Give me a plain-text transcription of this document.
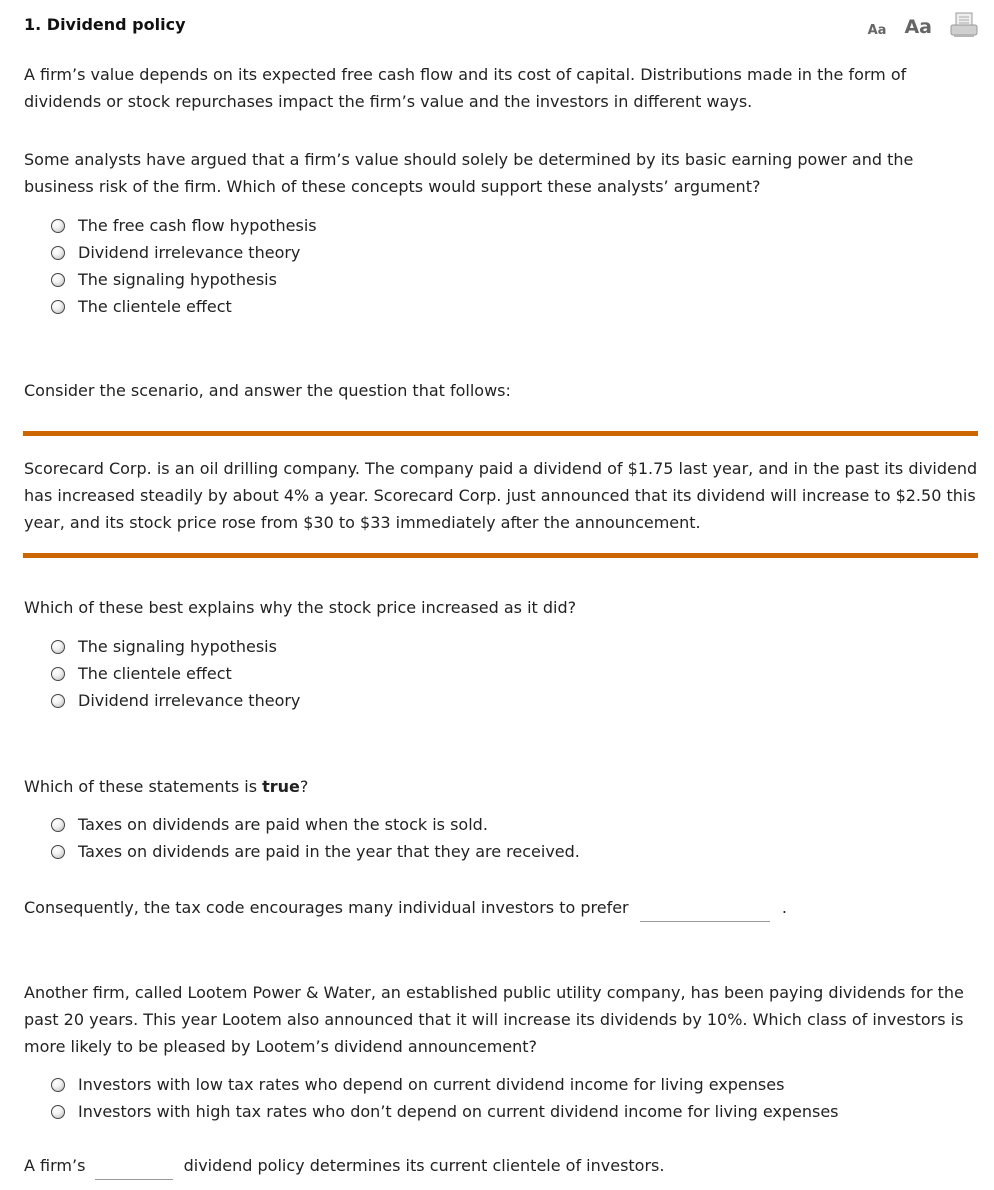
1. Dividend policy	Aa Aa
A firm’s value depends on its expected free cash flow and its cost of capital. Distributions made in the form of dividends or stock repurchases impact the firm’s value and the investors in different ways.
Some analysts have argued that a firm’s value should solely be determined by its basic earning power and the business risk of the firm. Which of these concepts would support these analysts’ argument?
The free cash flow hypothesis
Dividend irrelevance theory
The signaling hypothesis
The clientele effect
Consider the scenario, and answer the question that follows:
Scorecard Corp. is an oil drilling company. The company paid a dividend of $1.75 last year, and in the past its dividend has increased steadily by about 4% a year. Scorecard Corp. just announced that its dividend will increase to $2.50 this year, and its stock price rose from $30 to $33 immediately after the announcement.
Which of these best explains why the stock price increased as it did?
The signaling hypothesis
The clientele effect
Dividend irrelevance theory
Which of these statements is true?
Taxes on dividends are paid when the stock is sold.
Taxes on dividends are paid in the year that they are received.
Consequently, the tax code encourages many individual investors to prefer	.
Another firm, called Lootem Power & Water, an established public utility company, has been paying dividends for the past 20 years. This year Lootem also announced that it will increase its dividends by 10%. Which class of investors is more likely to be pleased by Lootem’s dividend announcement?
Investors with low tax rates who depend on current dividend income for living expenses
Investors with high tax rates who don’t depend on current dividend income for living expenses
A firm’s	dividend policy determines its current clientele of investors.
